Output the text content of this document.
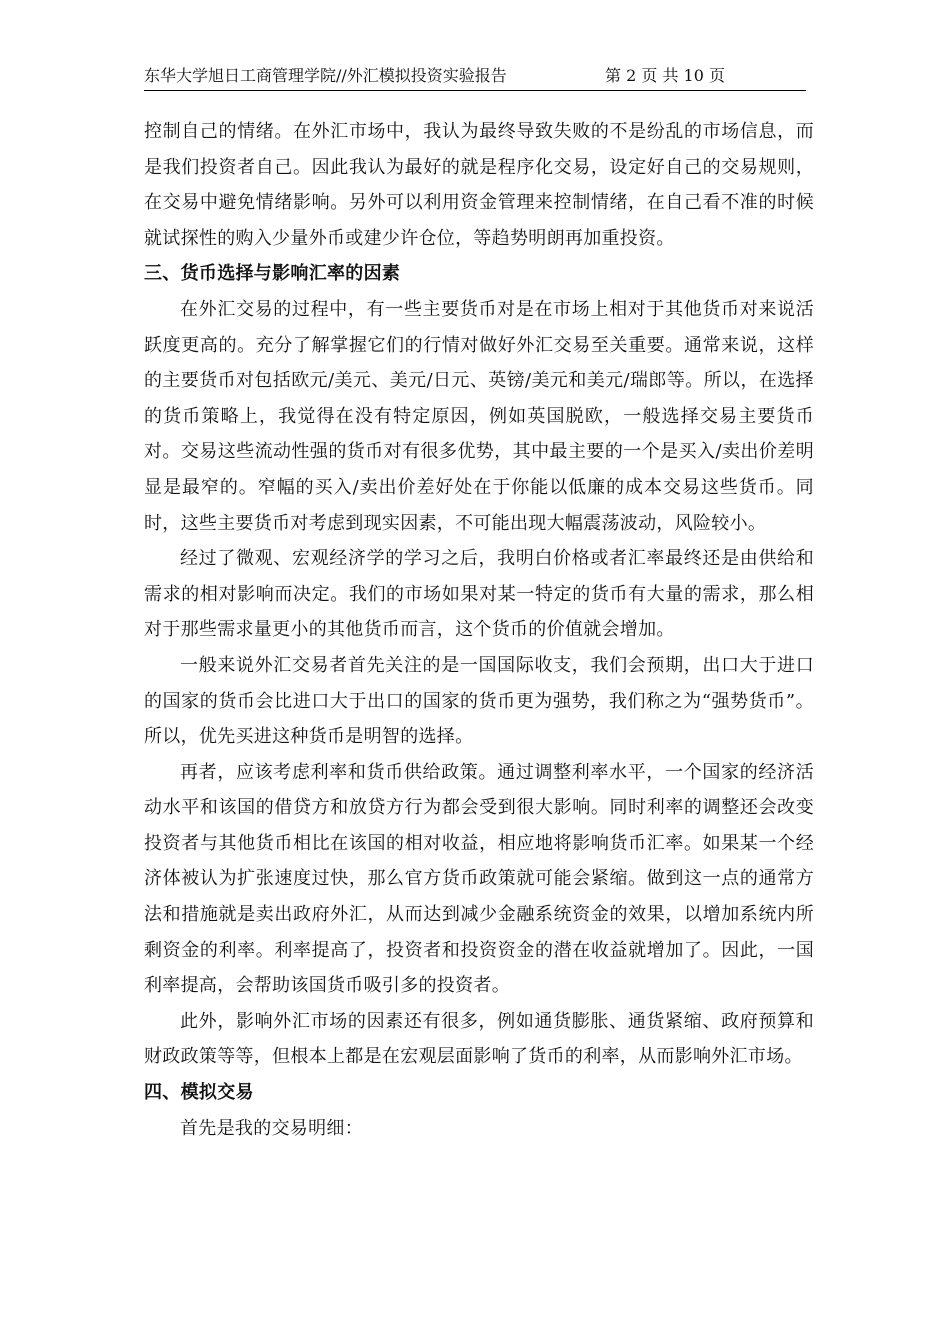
东华大学旭日工商管理学院//外汇模拟投资实验报告	第 2 页 共 10 页

控制自己的情绪。在外汇市场中，我认为最终导致失败的不是纷乱的市场信息，而是我们投资者自己。因此我认为最好的就是程序化交易，设定好自己的交易规则，在交易中避免情绪影响。另外可以利用资金管理来控制情绪，在自己看不准的时候就试探性的购入少量外币或建少许仓位，等趋势明朗再加重投资。

三、货币选择与影响汇率的因素

在外汇交易的过程中，有一些主要货币对是在市场上相对于其他货币对来说活跃度更高的。充分了解掌握它们的行情对做好外汇交易至关重要。通常来说，这样的主要货币对包括欧元/美元、美元/日元、英镑/美元和美元/瑞郎等。所以，在选择的货币策略上，我觉得在没有特定原因，例如英国脱欧，一般选择交易主要货币对。交易这些流动性强的货币对有很多优势，其中最主要的一个是买入/卖出价差明显是最窄的。窄幅的买入/卖出价差好处在于你能以低廉的成本交易这些货币。同时，这些主要货币对考虑到现实因素，不可能出现大幅震荡波动，风险较小。

经过了微观、宏观经济学的学习之后，我明白价格或者汇率最终还是由供给和需求的相对影响而决定。我们的市场如果对某一特定的货币有大量的需求，那么相对于那些需求量更小的其他货币而言，这个货币的价值就会增加。

一般来说外汇交易者首先关注的是一国国际收支，我们会预期，出口大于进口的国家的货币会比进口大于出口的国家的货币更为强势，我们称之为“强势货币”。所以，优先买进这种货币是明智的选择。

再者，应该考虑利率和货币供给政策。通过调整利率水平，一个国家的经济活动水平和该国的借贷方和放贷方行为都会受到很大影响。同时利率的调整还会改变投资者与其他货币相比在该国的相对收益，相应地将影响货币汇率。如果某一个经济体被认为扩张速度过快，那么官方货币政策就可能会紧缩。做到这一点的通常方法和措施就是卖出政府外汇，从而达到减少金融系统资金的效果，以增加系统内所剩资金的利率。利率提高了，投资者和投资资金的潜在收益就增加了。因此，一国利率提高，会帮助该国货币吸引多的投资者。

此外，影响外汇市场的因素还有很多，例如通货膨胀、通货紧缩、政府预算和财政政策等等，但根本上都是在宏观层面影响了货币的利率，从而影响外汇市场。

四、模拟交易

首先是我的交易明细：
